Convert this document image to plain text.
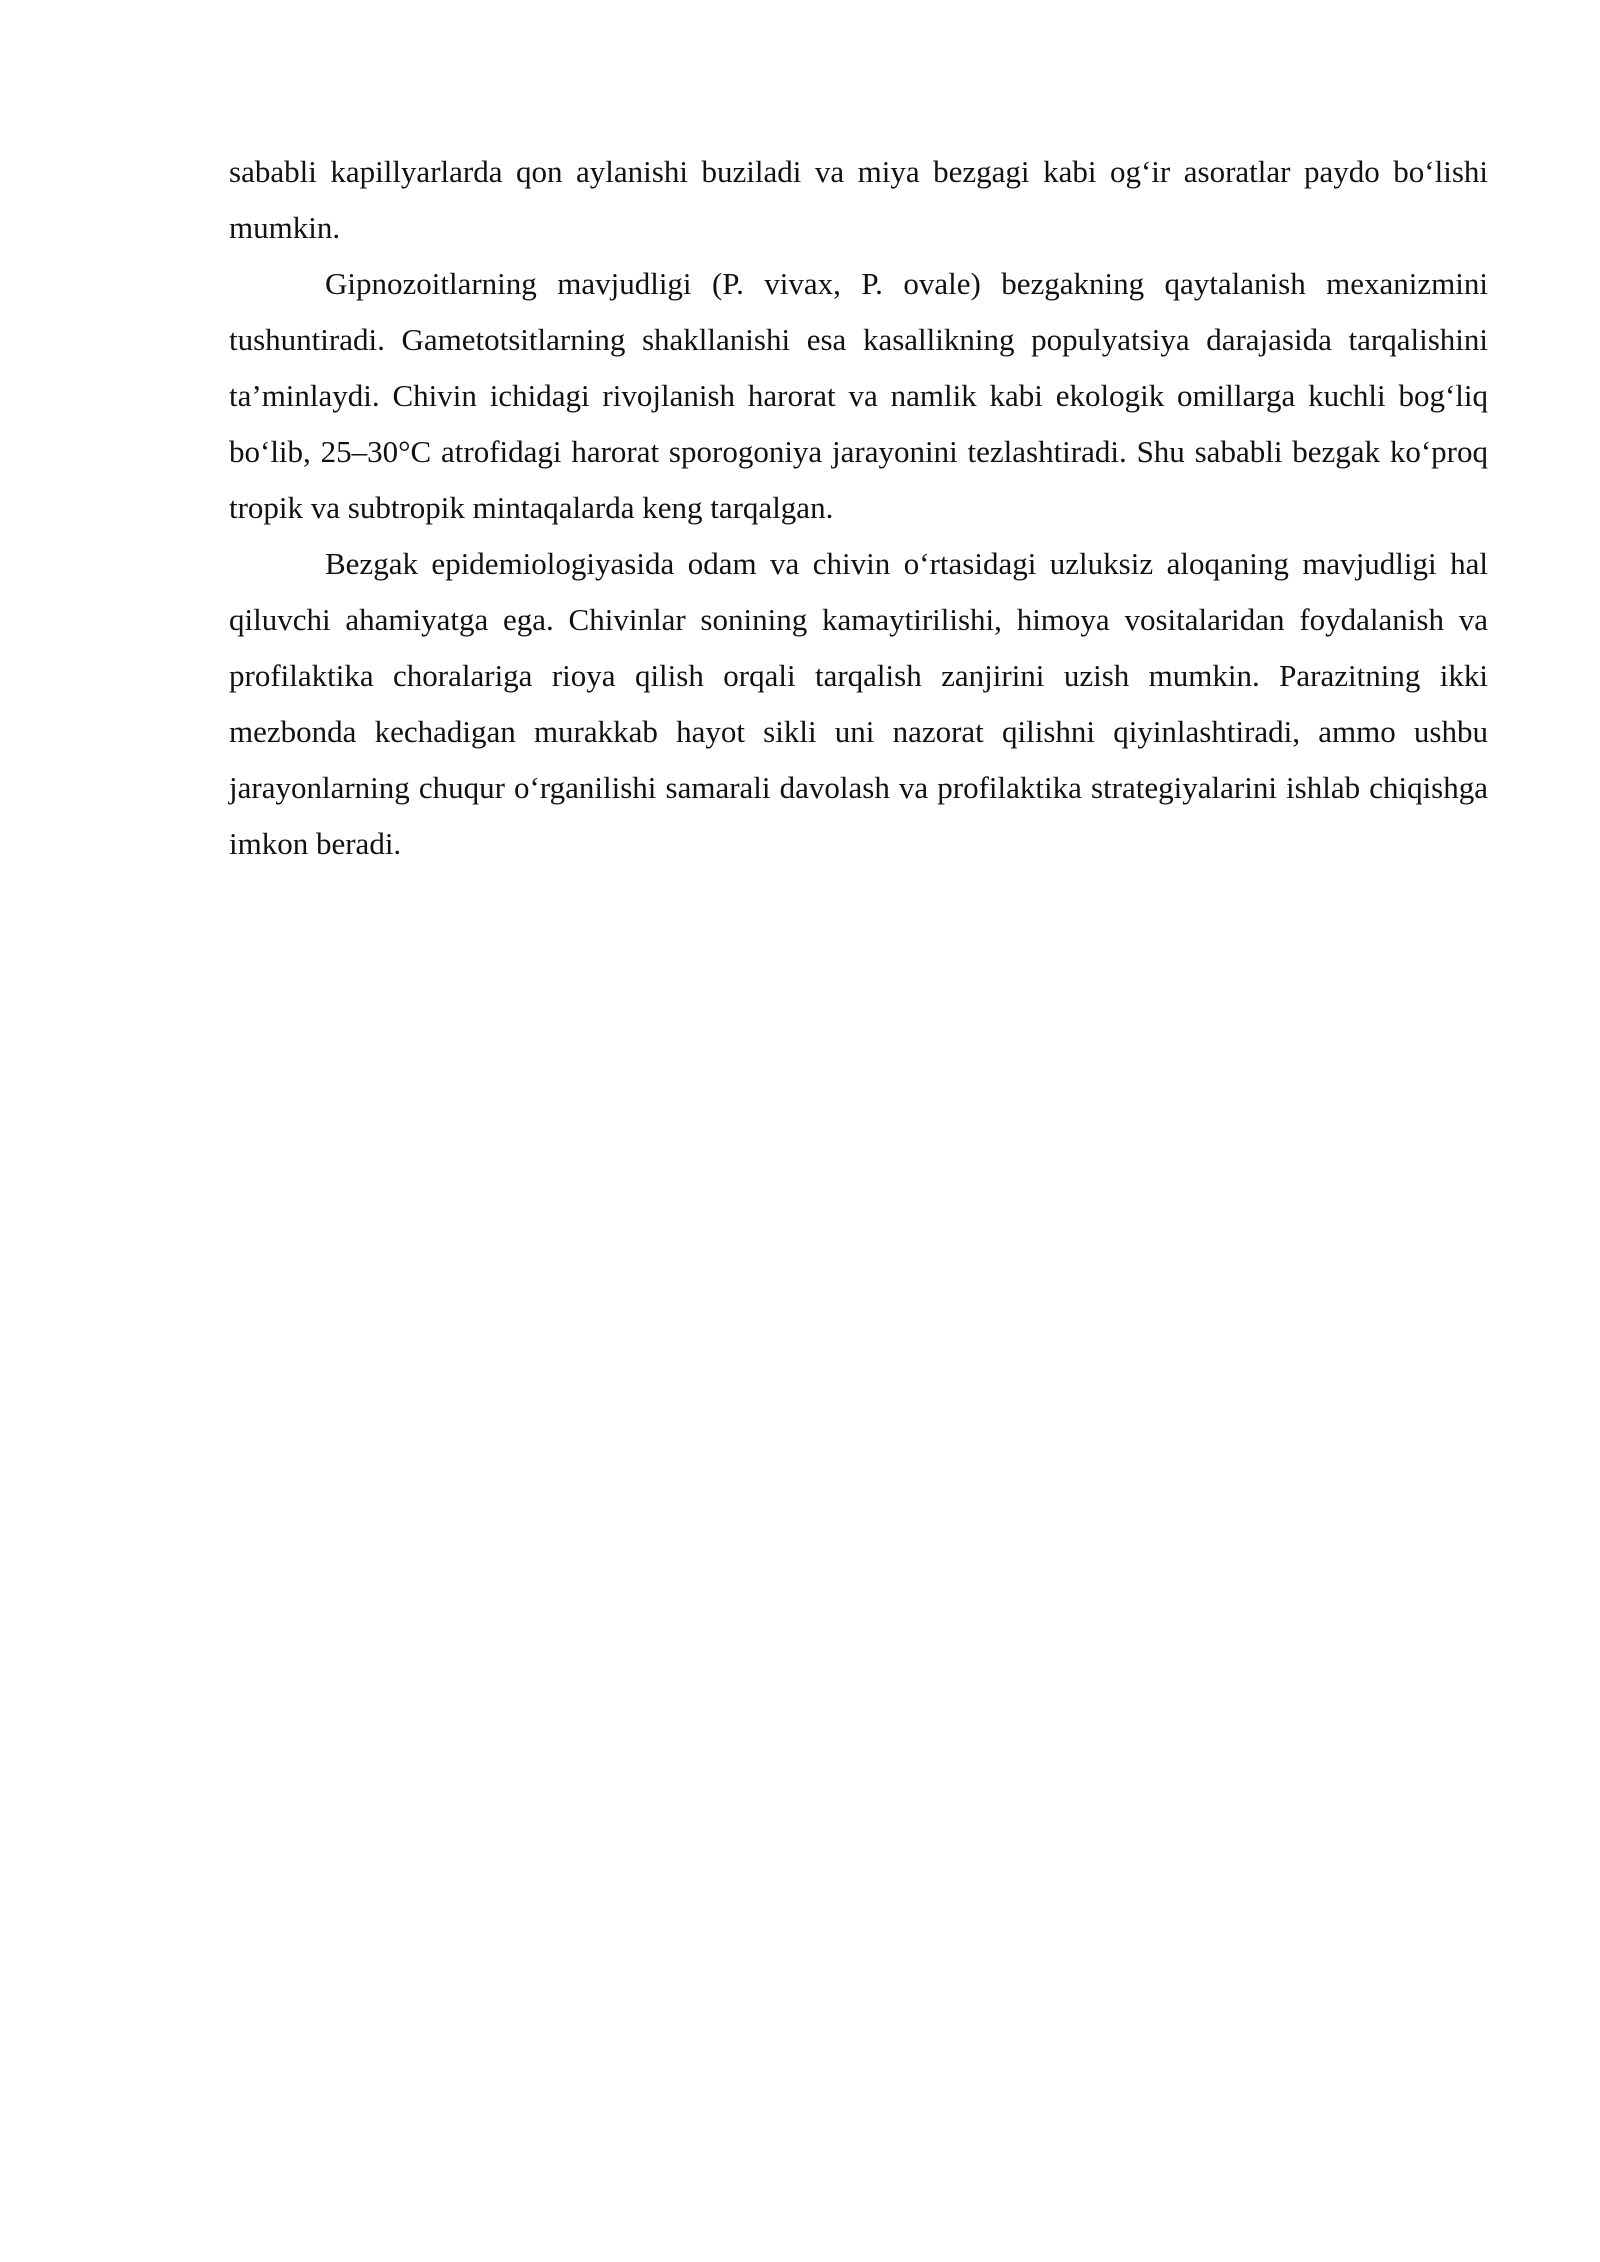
sababli kapillyarlarda qon aylanishi buziladi va miya bezgagi kabi og‘ir asoratlar paydo bo‘lishi mumkin.

Gipnozoitlarning mavjudligi (P. vivax, P. ovale) bezgakning qaytalanish mexanizmini tushuntiradi. Gametotsitlarning shakllanishi esa kasallikning populyatsiya darajasida tarqalishini ta’minlaydi. Chivin ichidagi rivojlanish harorat va namlik kabi ekologik omillarga kuchli bog‘liq bo‘lib, 25–30°C atrofidagi harorat sporogoniya jarayonini tezlashtiradi. Shu sababli bezgak ko‘proq tropik va subtropik mintaqalarda keng tarqalgan.

Bezgak epidemiologiyasida odam va chivin o‘rtasidagi uzluksiz aloqaning mavjudligi hal qiluvchi ahamiyatga ega. Chivinlar sonining kamaytirilishi, himoya vositalaridan foydalanish va profilaktika choralariga rioya qilish orqali tarqalish zanjirini uzish mumkin. Parazitning ikki mezbonda kechadigan murakkab hayot sikli uni nazorat qilishni qiyinlashtiradi, ammo ushbu jarayonlarning chuqur o‘rganilishi samarali davolash va profilaktika strategiyalarini ishlab chiqishga imkon beradi.
